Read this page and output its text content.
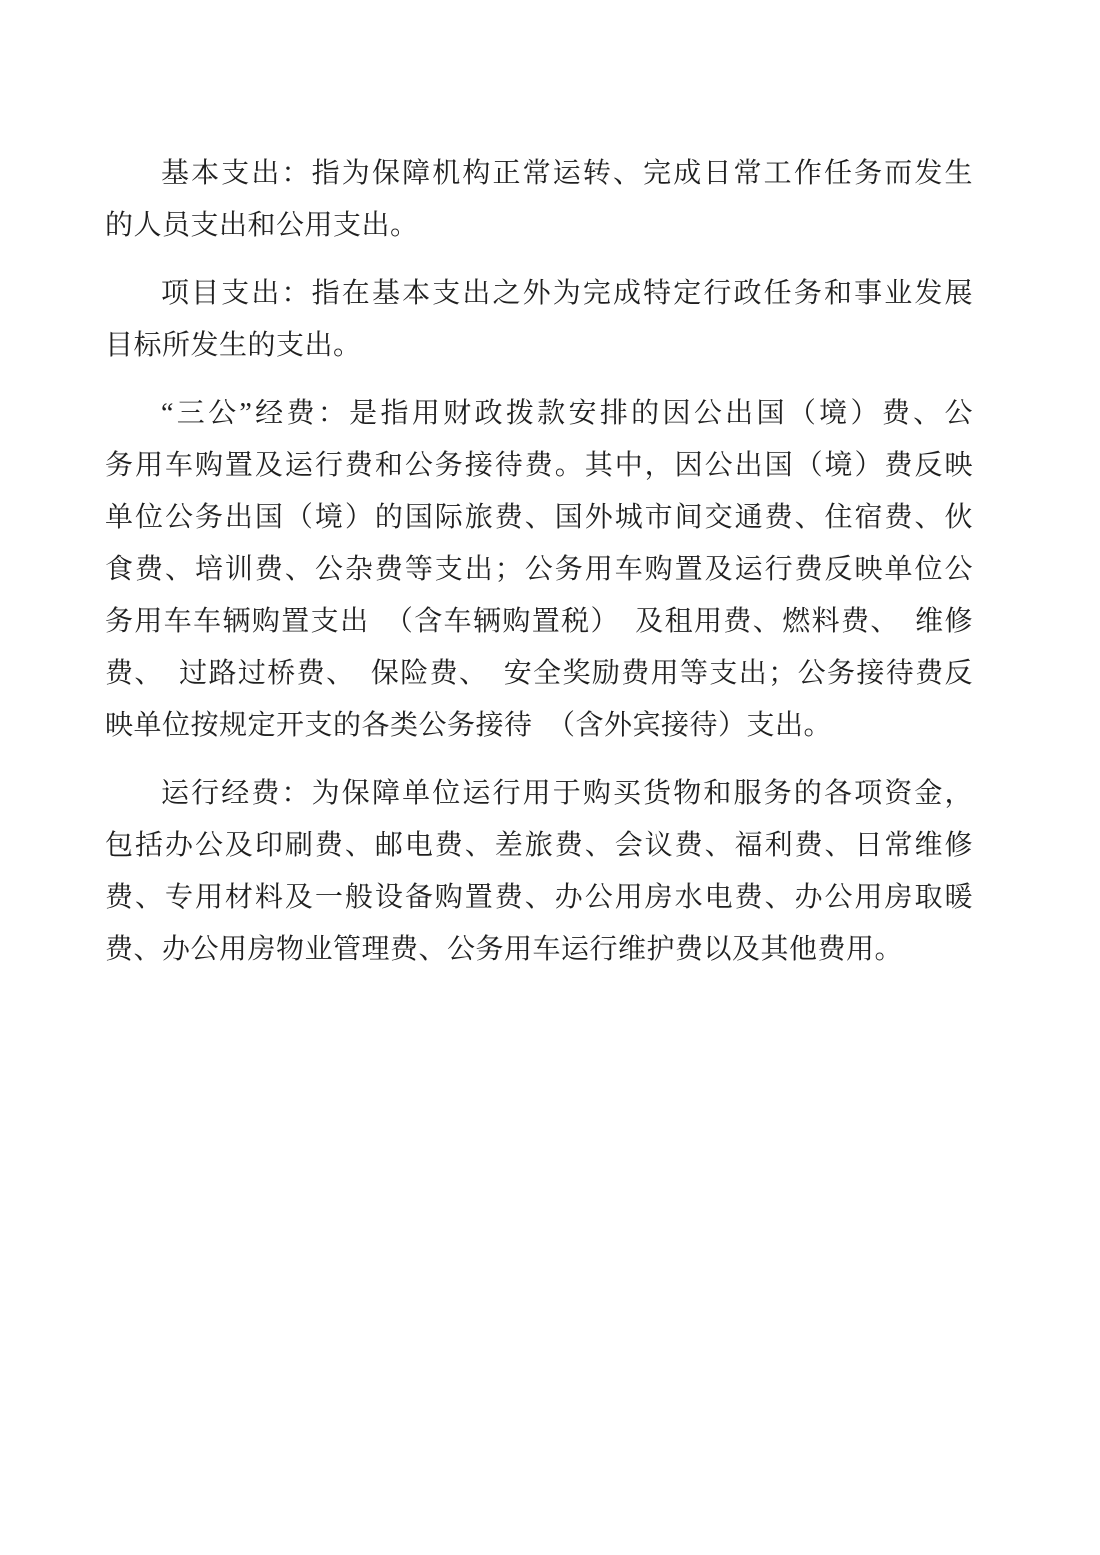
基本支出：指为保障机构正常运转、完成日常工作任务而发生
的人员支出和公用支出。
项目支出：指在基本支出之外为完成特定行政任务和事业发展
目标所发生的支出。
“三公”经费：是指用财政拨款安排的因公出国（境）费、公
务用车购置及运行费和公务接待费。其中，因公出国（境）费反映
单位公务出国（境）的国际旅费、国外城市间交通费、住宿费、伙
食费、培训费、公杂费等支出；公务用车购置及运行费反映单位公
务用车车辆购置支出 （含车辆购置税） 及租用费、燃料费、 维修
费、 过路过桥费、 保险费、 安全奖励费用等支出；公务接待费反
映单位按规定开支的各类公务接待 （含外宾接待）支出。
运行经费：为保障单位运行用于购买货物和服务的各项资金，
包括办公及印刷费、邮电费、差旅费、会议费、福利费、日常维修
费、专用材料及一般设备购置费、办公用房水电费、办公用房取暖
费、办公用房物业管理费、公务用车运行维护费以及其他费用。
